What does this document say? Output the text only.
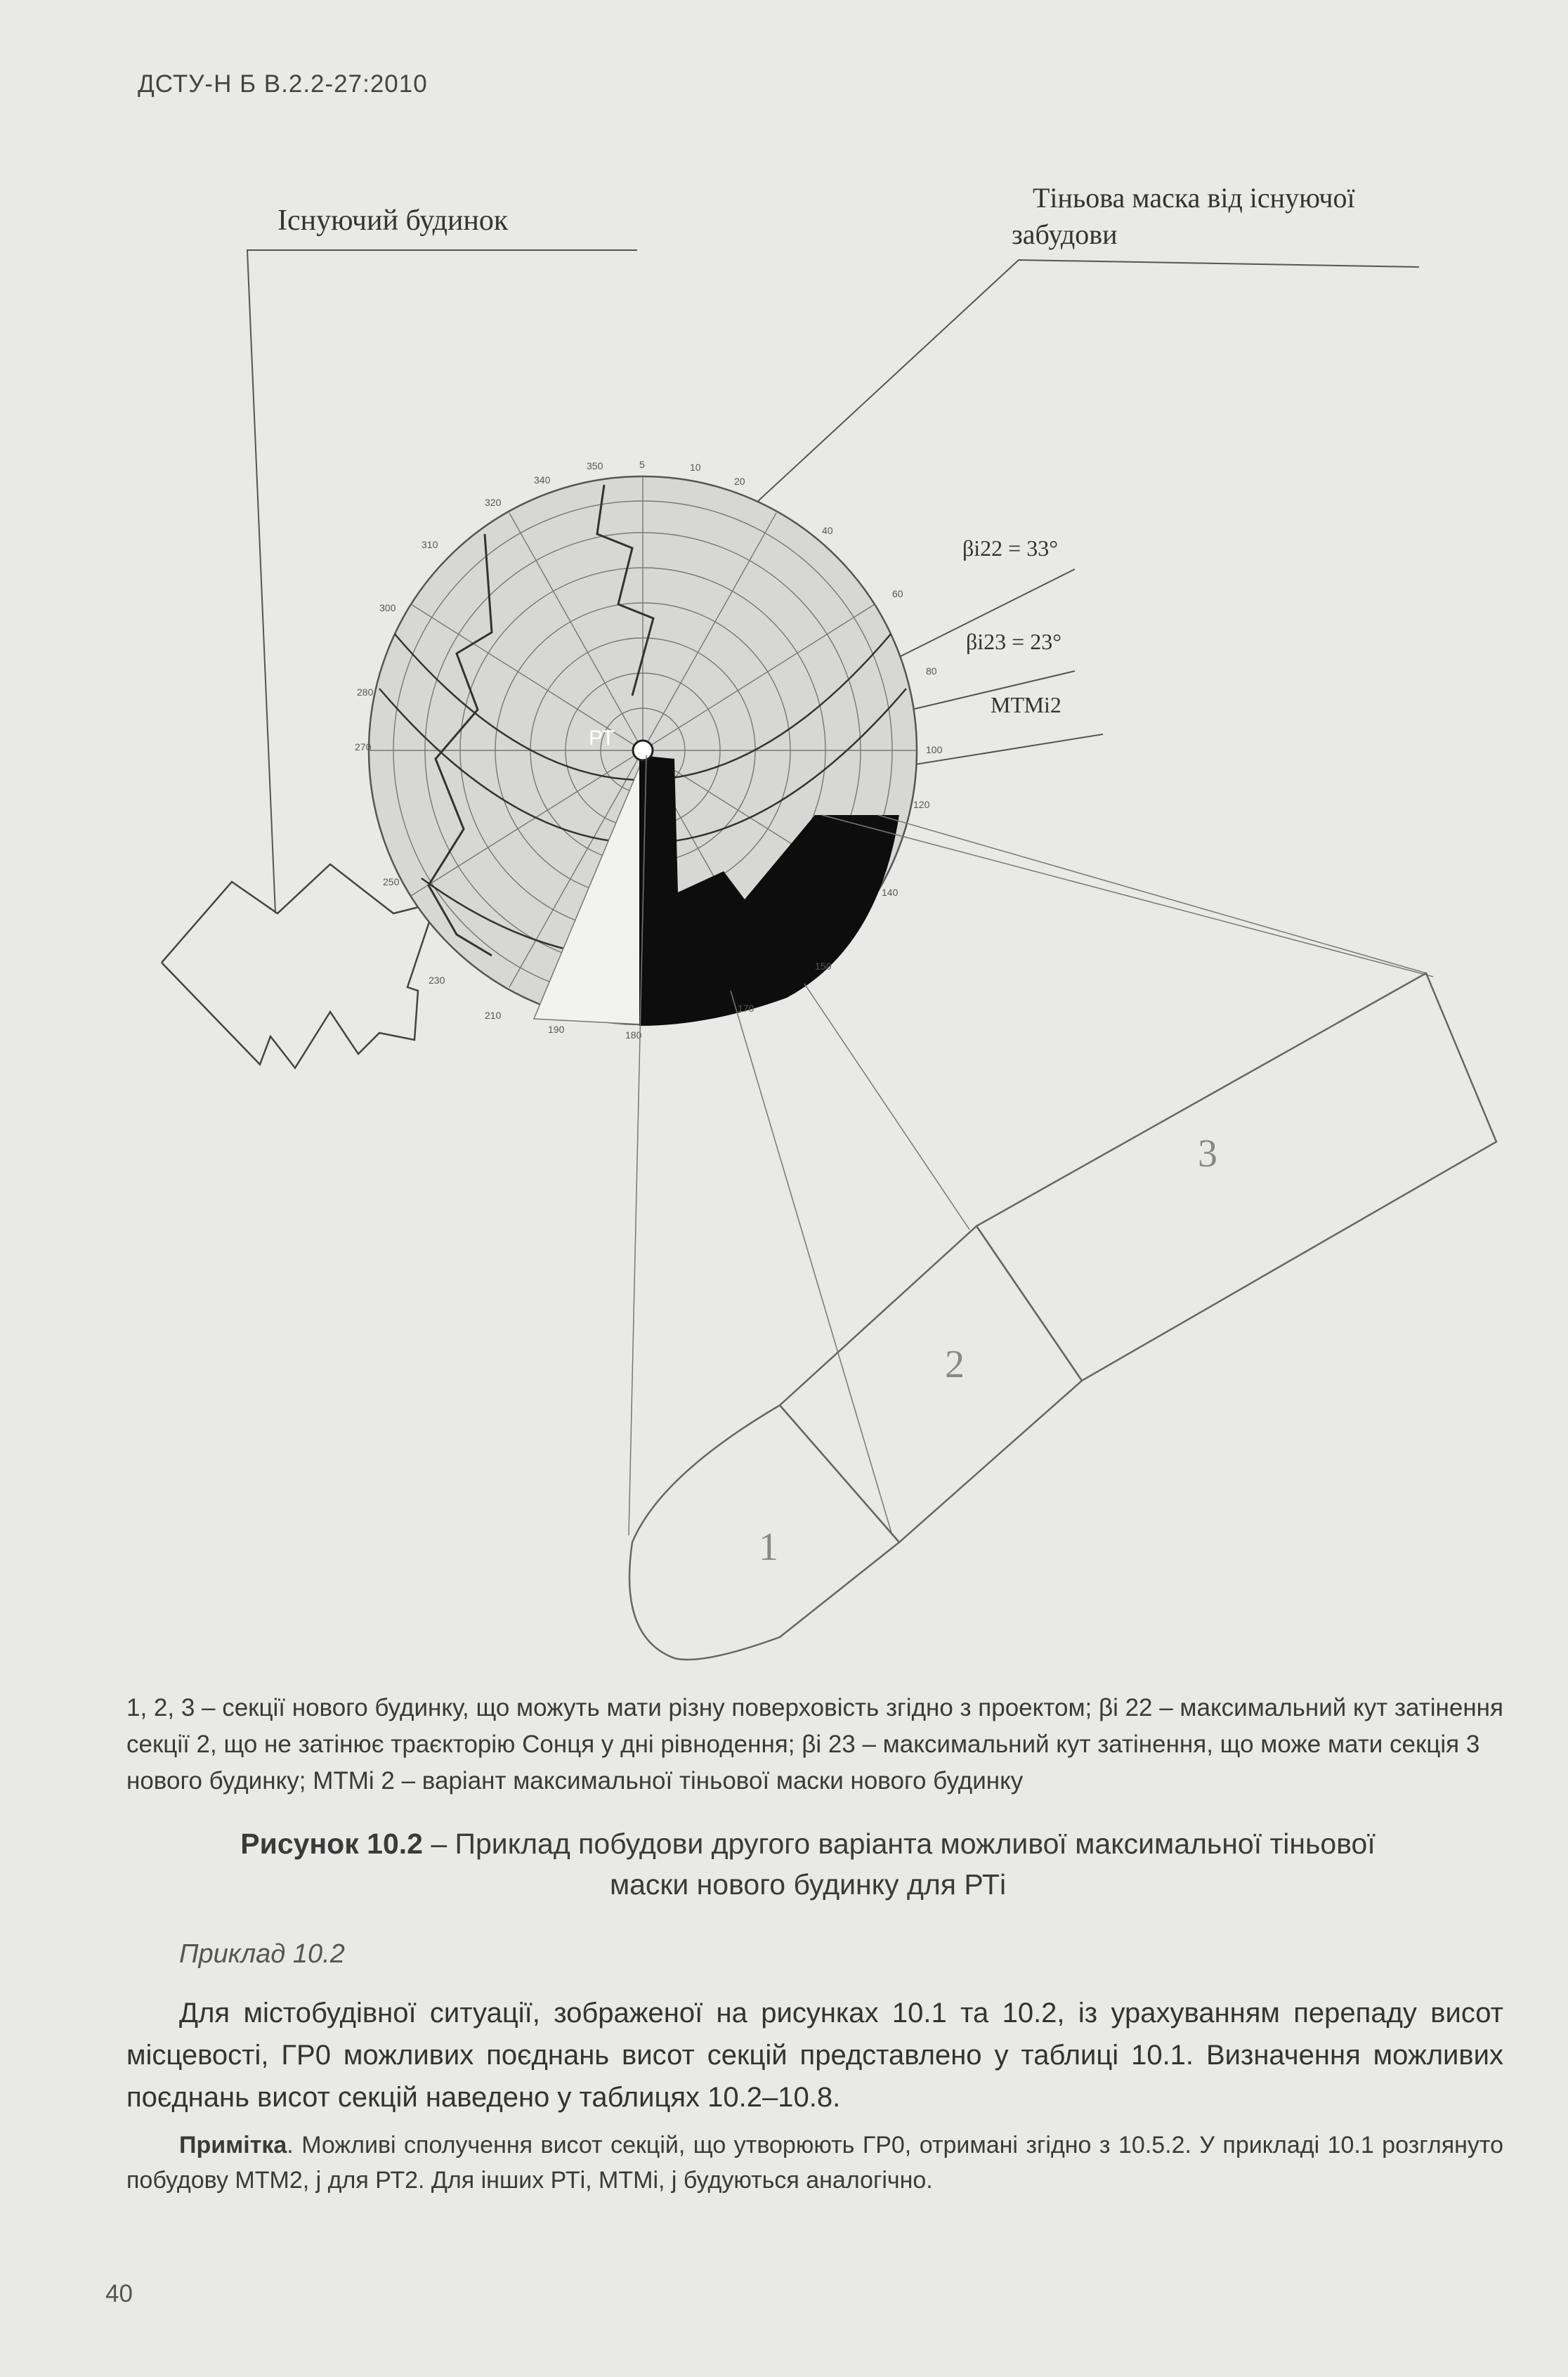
ДСТУ-Н Б В.2.2-27:2010
РТ
350	5	10
340	20
40
60
80
100
120
140
150
170
180
190
210
230
250
270
280
300
310
320
Існуючий будинок
Тіньова маска від існуючої
забудови
βі22 = 33°
βі23 = 23°
МТМі2
1
2
3
1, 2, 3 – секції нового будинку, що можуть мати різну поверховість згідно з проектом; βі 22 – максимальний кут затінення секції 2, що не затінює траєкторію Сонця у дні рівнодення; βі 23 – максимальний кут затінення, що може мати секція 3 нового будинку; МТМі 2 – варіант максимальної тіньової маски нового будинку
Рисунок 10.2 – Приклад побудови другого варіанта можливої максимальної тіньової
маски нового будинку для РТі
Приклад 10.2
Для містобудівної ситуації, зображеної на рисунках 10.1 та 10.2, із урахуванням перепаду висот місцевості, ГР0 можливих поєднань висот секцій представлено у таблиці 10.1. Визначення можливих поєднань висот секцій наведено у таблицях 10.2–10.8.
Примітка. Можливі сполучення висот секцій, що утворюють ГР0, отримані згідно з 10.5.2. У прикладі 10.1 розглянуто побудову МТМ2, j для РТ2. Для інших РТі, МТМі, j будуються аналогічно.
40
